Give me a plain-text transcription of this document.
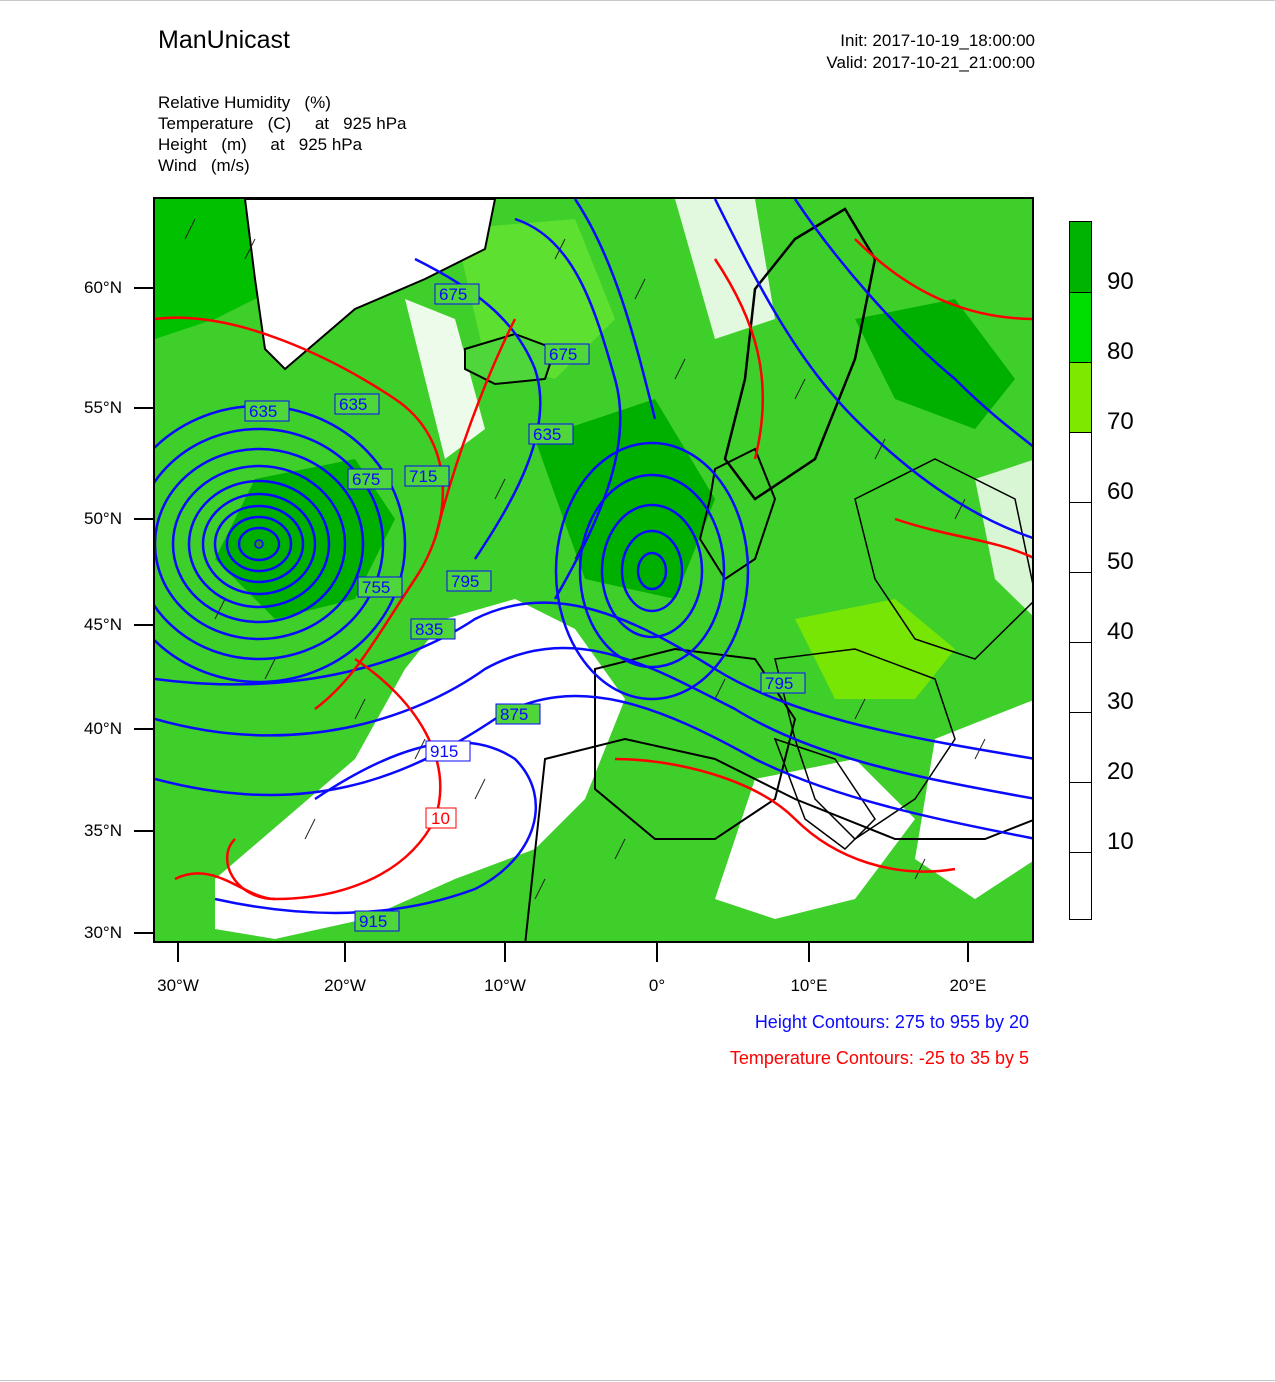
ManUnicast	Init: 2017-10-19_18:00:00
Valid: 2017-10-21_21:00:00
Relative Humidity   (%)
Temperature   (C)     at   925 hPa
Height   (m)     at   925 hPa
Wind   (m/s)
60°N
55°N
50°N
45°N
40°N
35°N
30°N
30°W	20°W	10°W	0°	10°E	20°E
675
675
635	635
675 715
635
755	795
835
875
915
915
795
10
Height Contours: 275 to 955 by 20
Temperature Contours: -25 to 35 by 5
90
80
70
60
50
40
30
20
10
